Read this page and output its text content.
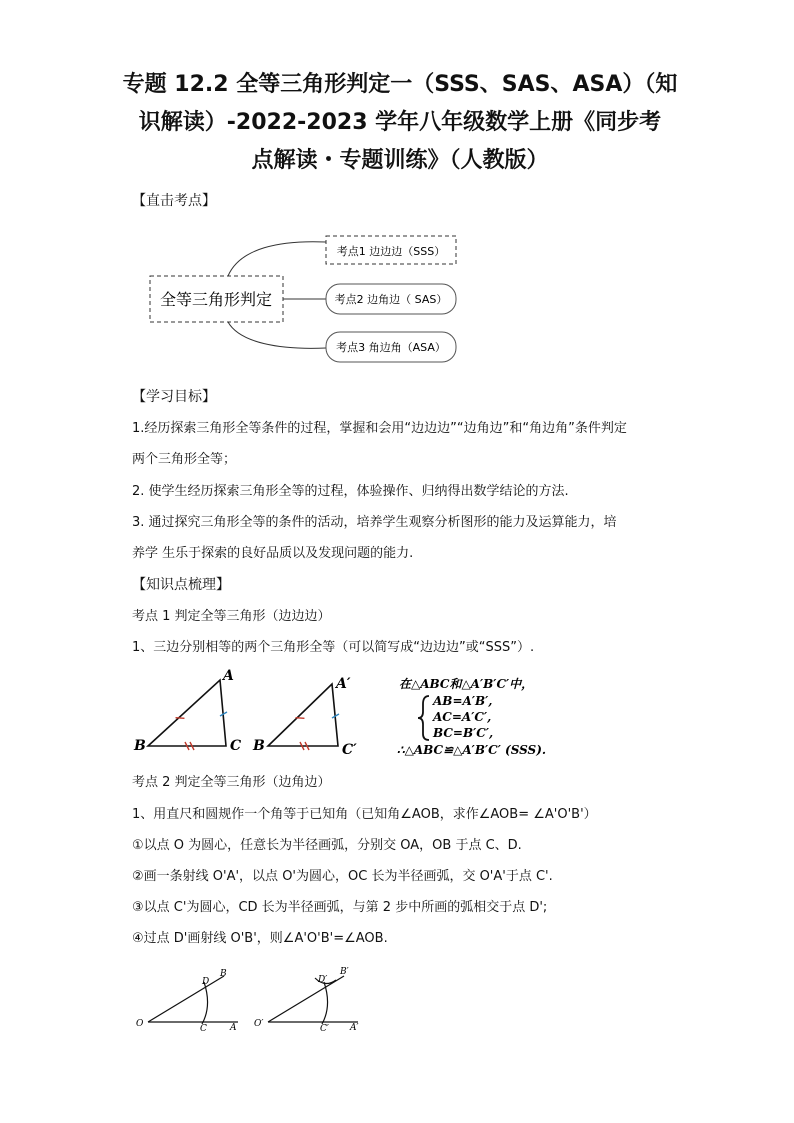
专题 12.2 全等三角形判定一（SSS、SAS、ASA）（知
识解读）-2022-2023 学年八年级数学上册《同步考
点解读・专题训练》（人教版）
【直击考点】
全等三角形判定
考点1 边边边（SSS）
考点2 边角边（ SAS）
考点3 角边角（ASA）
【学习目标】
1.经历探索三角形全等条件的过程，掌握和会用“边边边”“边角边”和“角边角”条件判定
两个三角形全等；
2. 使学生经历探索三角形全等的过程，体验操作、归纳得出数学结论的方法.
3. 通过探究三角形全等的条件的活动，培养学生观察分析图形的能力及运算能力，培
养学 生乐于探索的良好品质以及发现问题的能力.
【知识点梳理】
考点 1 判定全等三角形（边边边）
1、三边分别相等的两个三角形全等（可以简写成“边边边”或“SSS”）.
A
B	C
A′
B	C′
在△ABC和△A′B′C′中，
AB=A′B′,
AC=A′C′,
BC=B′C′,
∴△ABC≌△A′B′C′ (SSS).
考点 2 判定全等三角形（边角边）
1、用直尺和圆规作一个角等于已知角（已知角∠AOB，求作∠AOB= ∠A'O'B'）
①以点 O 为圆心，任意长为半径画弧，分别交 OA，OB 于点 C、D.
②画一条射线 O'A'，以点 O'为圆心，OC 长为半径画弧，交 O'A'于点 C'.
③以点 C'为圆心，CD 长为半径画弧，与第 2 步中所画的弧相交于点 D';
④过点 D'画射线 O'B'，则∠A'O'B'=∠AOB.
O	A
B
C
D
O′	A′
B′
C′
D′
